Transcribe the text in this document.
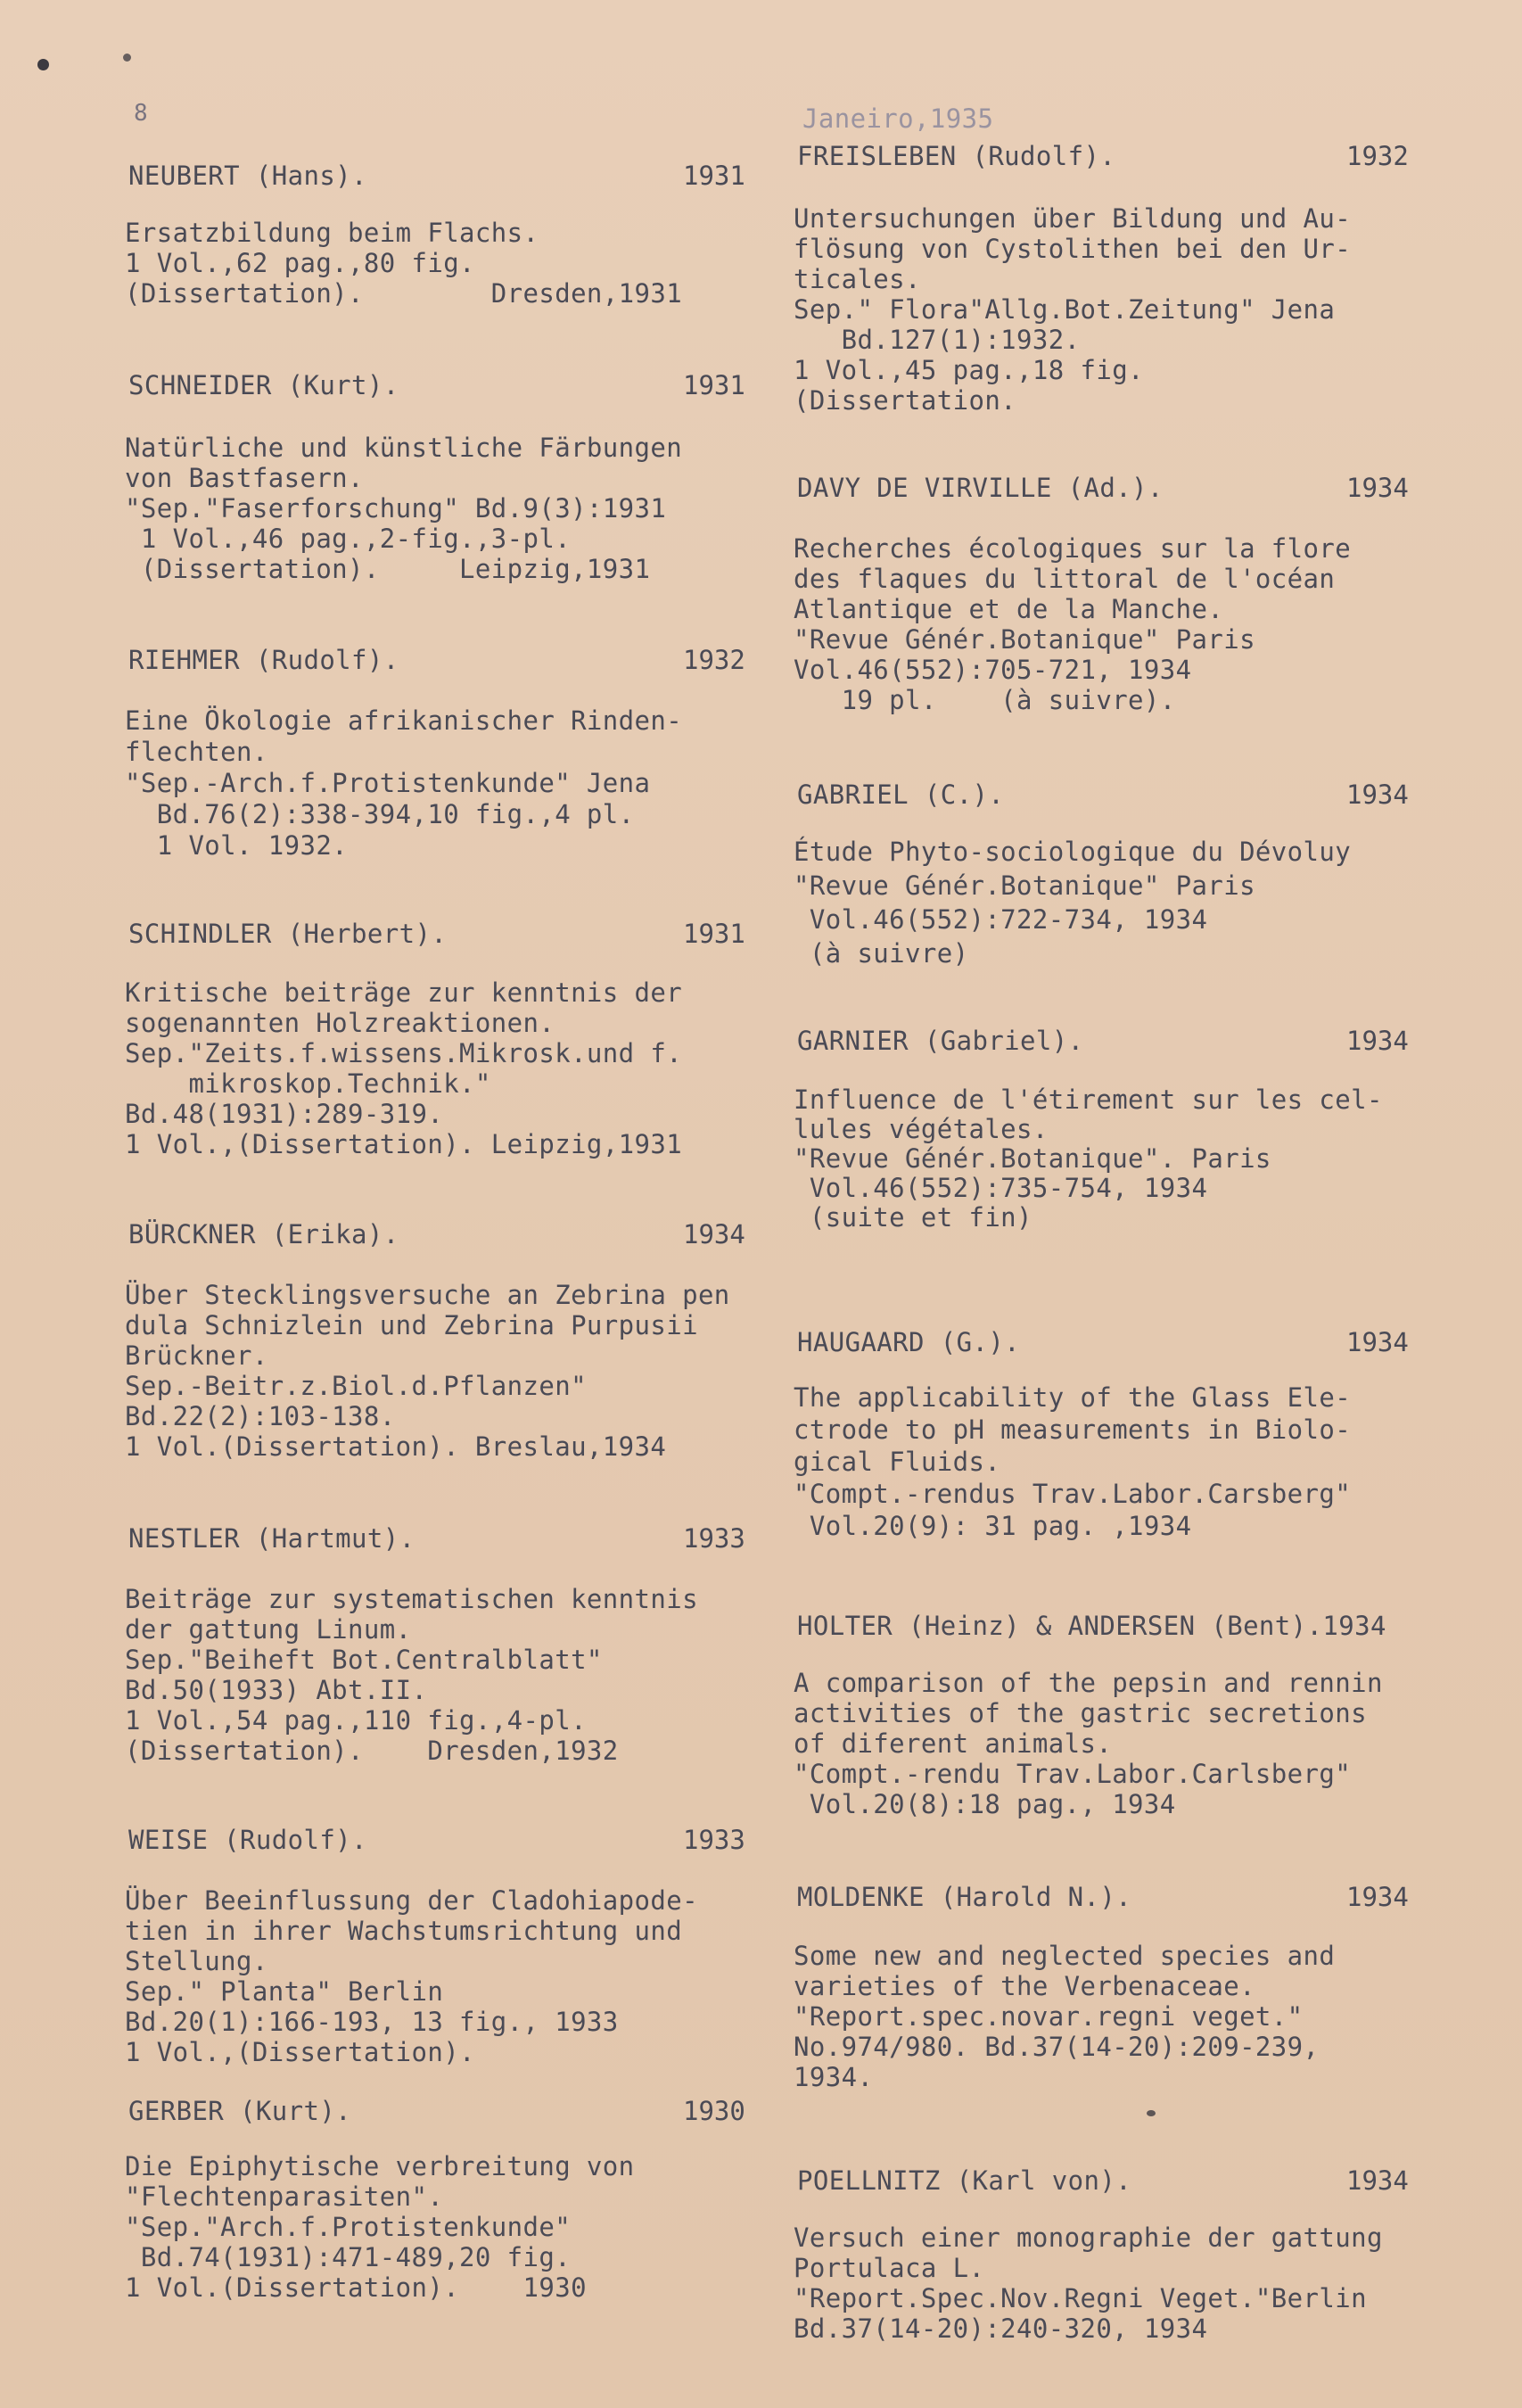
8
NEUBERT (Hans).	1931
Ersatzbildung beim Flachs.
1 Vol.,62 pag.,80 fig.
(Dissertation).        Dresden,1931
SCHNEIDER (Kurt).	1931
Natürliche und künstliche Färbungen
von Bastfasern.
"Sep."Faserforschung" Bd.9(3):1931
1 Vol.,46 pag.,2-fig.,3-pl.
(Dissertation).     Leipzig,1931
RIEHMER (Rudolf).	1932
Eine Ökologie afrikanischer Rinden-
flechten.
"Sep.-Arch.f.Protistenkunde" Jena
Bd.76(2):338-394,10 fig.,4 pl.
1 Vol. 1932.
SCHINDLER (Herbert).	1931
Kritische beiträge zur kenntnis der
sogenannten Holzreaktionen.
Sep."Zeits.f.wissens.Mikrosk.und f.
mikroskop.Technik."
Bd.48(1931):289-319.
1 Vol.,(Dissertation). Leipzig,1931
BÜRCKNER (Erika).	1934
Über Stecklingsversuche an Zebrina pen
dula Schnizlein und Zebrina Purpusii
Brückner.
Sep.-Beitr.z.Biol.d.Pflanzen"
Bd.22(2):103-138.
1 Vol.(Dissertation). Breslau,1934
NESTLER (Hartmut).	1933
Beiträge zur systematischen kenntnis
der gattung Linum.
Sep."Beiheft Bot.Centralblatt"
Bd.50(1933) Abt.II.
1 Vol.,54 pag.,110 fig.,4-pl.
(Dissertation).    Dresden,1932
WEISE (Rudolf).	1933
Über Beeinflussung der Cladohiapode-
tien in ihrer Wachstumsrichtung und
Stellung.
Sep." Planta" Berlin
Bd.20(1):166-193, 13 fig., 1933
1 Vol.,(Dissertation).
GERBER (Kurt).	1930
Die Epiphytische verbreitung von
"Flechtenparasiten".
"Sep."Arch.f.Protistenkunde"
Bd.74(1931):471-489,20 fig.
1 Vol.(Dissertation).    1930
Janeiro,1935
FREISLEBEN (Rudolf).	1932
Untersuchungen über Bildung und Au-
flösung von Cystolithen bei den Ur-
ticales.
Sep." Flora"Allg.Bot.Zeitung" Jena
Bd.127(1):1932.
1 Vol.,45 pag.,18 fig.
(Dissertation.
DAVY DE VIRVILLE (Ad.).	1934
Recherches écologiques sur la flore
des flaques du littoral de l'océan
Atlantique et de la Manche.
"Revue Génér.Botanique" Paris
Vol.46(552):705-721, 1934
19 pl.    (à suivre).
GABRIEL (C.).	1934
Étude Phyto-sociologique du Dévoluy
"Revue Génér.Botanique" Paris
Vol.46(552):722-734, 1934
(à suivre)
GARNIER (Gabriel).	1934
Influence de l'étirement sur les cel-
lules végétales.
"Revue Génér.Botanique". Paris
Vol.46(552):735-754, 1934
(suite et fin)
HAUGAARD (G.).	1934
The applicability of the Glass Ele-
ctrode to pH measurements in Biolo-
gical Fluids.
"Compt.-rendus Trav.Labor.Carsberg"
Vol.20(9): 31 pag. ,1934
HOLTER (Heinz) & ANDERSEN (Bent).1934
A comparison of the pepsin and rennin
activities of the gastric secretions
of diferent animals.
"Compt.-rendu Trav.Labor.Carlsberg"
Vol.20(8):18 pag., 1934
MOLDENKE (Harold N.).	1934
Some new and neglected species and
varieties of the Verbenaceae.
"Report.spec.novar.regni veget."
No.974/980. Bd.37(14-20):209-239,
1934.
POELLNITZ (Karl von).	1934
Versuch einer monographie der gattung
Portulaca L.
"Report.Spec.Nov.Regni Veget."Berlin
Bd.37(14-20):240-320, 1934
